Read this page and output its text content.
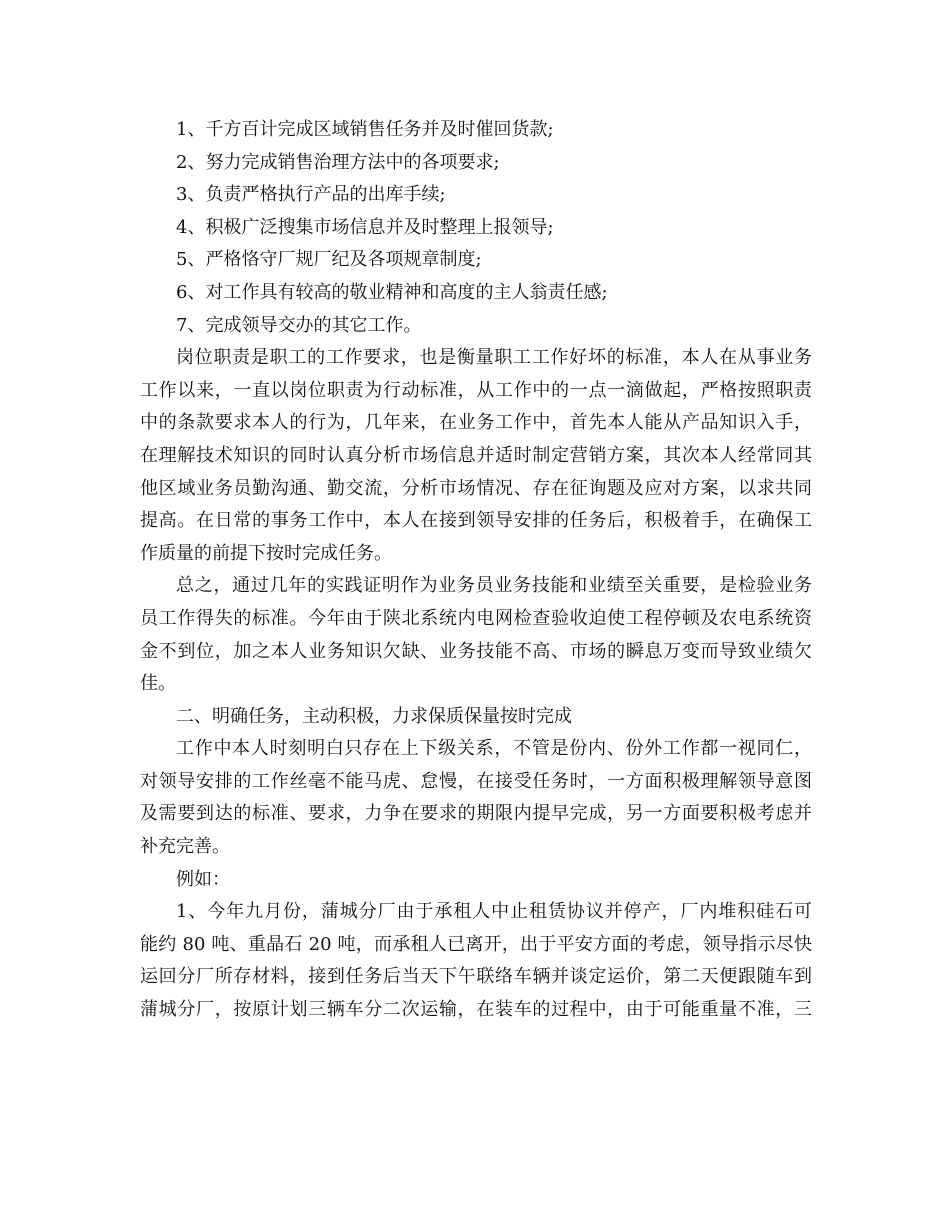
1、千方百计完成区域销售任务并及时催回货款;
2、努力完成销售治理方法中的各项要求;
3、负责严格执行产品的出库手续;
4、积极广泛搜集市场信息并及时整理上报领导;
5、严格恪守厂规厂纪及各项规章制度;
6、对工作具有较高的敬业精神和高度的主人翁责任感;
7、完成领导交办的其它工作。
岗位职责是职工的工作要求，也是衡量职工工作好坏的标准，本人在从事业务
工作以来，一直以岗位职责为行动标准，从工作中的一点一滴做起，严格按照职责
中的条款要求本人的行为，几年来，在业务工作中，首先本人能从产品知识入手，
在理解技术知识的同时认真分析市场信息并适时制定营销方案，其次本人经常同其
他区域业务员勤沟通、勤交流，分析市场情况、存在征询题及应对方案，以求共同
提高。在日常的事务工作中，本人在接到领导安排的任务后，积极着手，在确保工
作质量的前提下按时完成任务。
总之，通过几年的实践证明作为业务员业务技能和业绩至关重要，是检验业务
员工作得失的标准。今年由于陕北系统内电网检查验收迫使工程停顿及农电系统资
金不到位，加之本人业务知识欠缺、业务技能不高、市场的瞬息万变而导致业绩欠
佳。
二、明确任务，主动积极，力求保质保量按时完成
工作中本人时刻明白只存在上下级关系，不管是份内、份外工作都一视同仁，
对领导安排的工作丝毫不能马虎、怠慢，在接受任务时，一方面积极理解领导意图
及需要到达的标准、要求，力争在要求的期限内提早完成，另一方面要积极考虑并
补充完善。
例如：
1、今年九月份，蒲城分厂由于承租人中止租赁协议并停产，厂内堆积硅石可
能约 80 吨、重晶石 20 吨，而承租人已离开，出于平安方面的考虑，领导指示尽快
运回分厂所存材料，接到任务后当天下午联络车辆并谈定运价，第二天便跟随车到
蒲城分厂，按原计划三辆车分二次运输，在装车的过程中，由于可能重量不准，三
